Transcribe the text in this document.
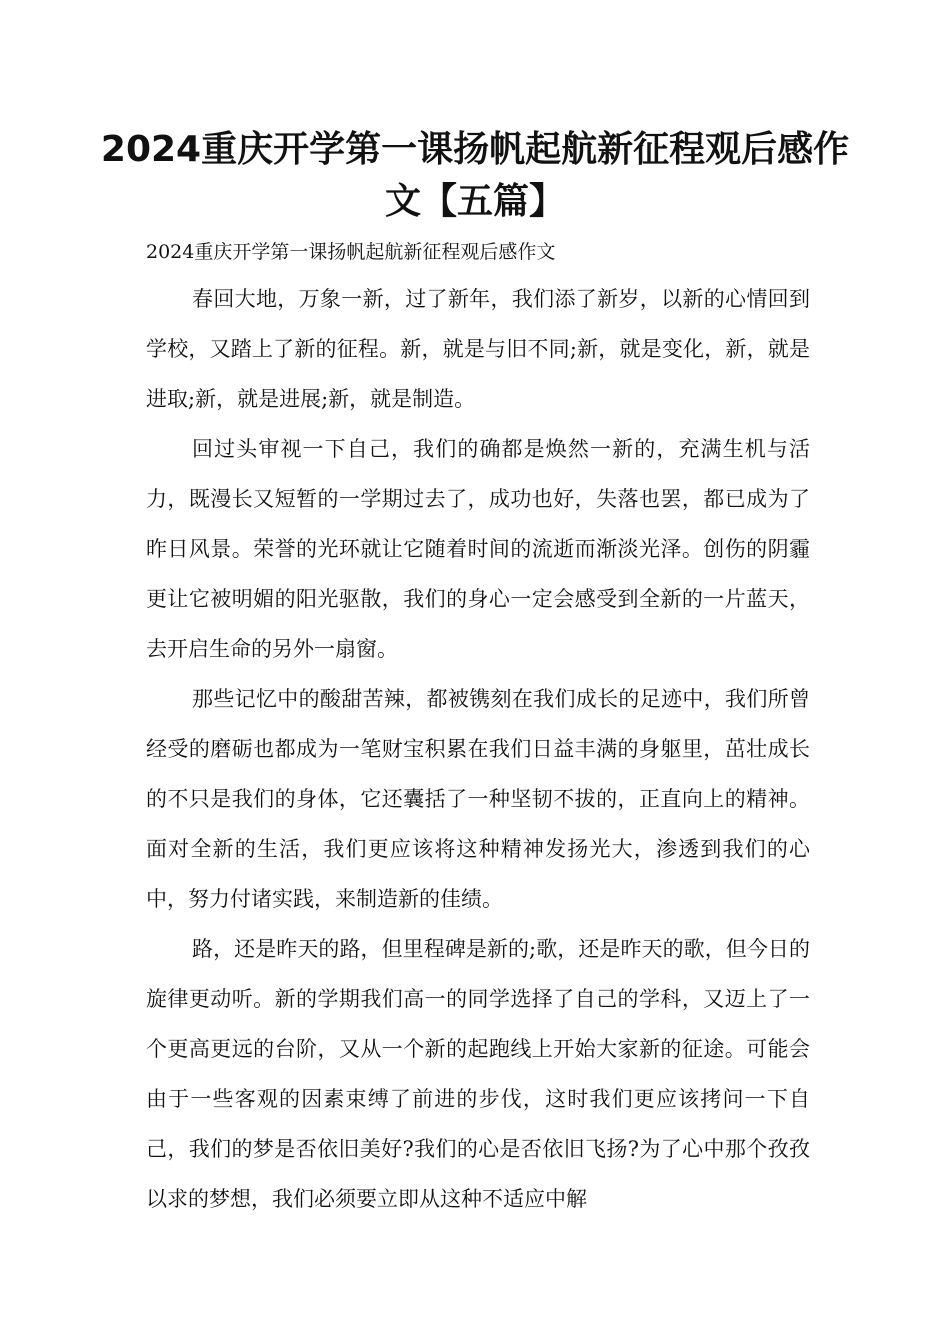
2024重庆开学第一课扬帆起航新征程观后感作文【五篇】
2024重庆开学第一课扬帆起航新征程观后感作文

春回大地，万象一新，过了新年，我们添了新岁，以新的心情回到学校，又踏上了新的征程。新，就是与旧不同;新，就是变化，新，就是进取;新，就是进展;新，就是制造。

回过头审视一下自己，我们的确都是焕然一新的，充满生机与活力，既漫长又短暂的一学期过去了，成功也好，失落也罢，都已成为了昨日风景。荣誉的光环就让它随着时间的流逝而渐淡光泽。创伤的阴霾更让它被明媚的阳光驱散，我们的身心一定会感受到全新的一片蓝天，去开启生命的另外一扇窗。

那些记忆中的酸甜苦辣，都被镌刻在我们成长的足迹中，我们所曾经受的磨砺也都成为一笔财宝积累在我们日益丰满的身躯里，茁壮成长的不只是我们的身体，它还囊括了一种坚韧不拔的，正直向上的精神。面对全新的生活，我们更应该将这种精神发扬光大，渗透到我们的心中，努力付诸实践，来制造新的佳绩。

路，还是昨天的路，但里程碑是新的;歌，还是昨天的歌，但今日的旋律更动听。新的学期我们高一的同学选择了自己的学科，又迈上了一个更高更远的台阶，又从一个新的起跑线上开始大家新的征途。可能会由于一些客观的因素束缚了前进的步伐，这时我们更应该拷问一下自己，我们的梦是否依旧美好?我们的心是否依旧飞扬?为了心中那个孜孜以求的梦想，我们必须要立即从这种不适应中解
